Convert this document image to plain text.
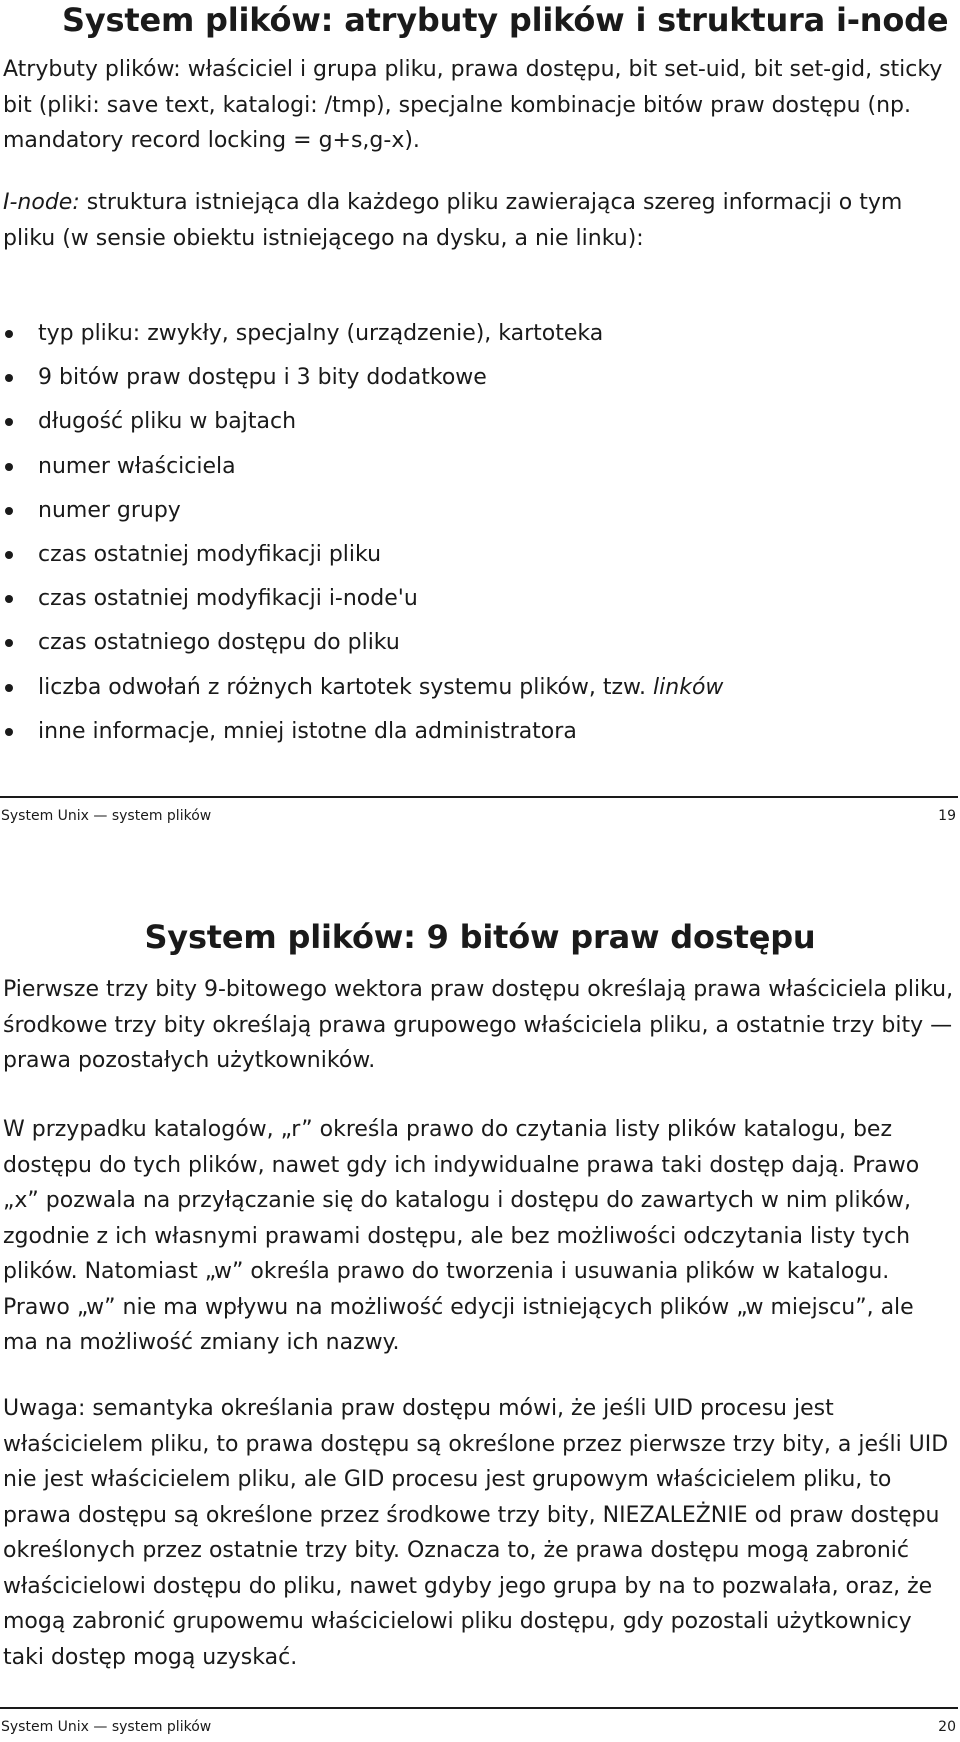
System plików: atrybuty plików i struktura i-node

Atrybuty plików: właściciel i grupa pliku, prawa dostępu, bit set-uid, bit set-gid, sticky bit (pliki: save text, katalogi: /tmp), specjalne kombinacje bitów praw dostępu (np. mandatory record locking = g+s,g-x).

I-node: struktura istniejąca dla każdego pliku zawierająca szereg informacji o tym pliku (w sensie obiektu istniejącego na dysku, a nie linku):

typ pliku: zwykły, specjalny (urządzenie), kartoteka
9 bitów praw dostępu i 3 bity dodatkowe
długość pliku w bajtach
numer właściciela
numer grupy
czas ostatniej modyfikacji pliku
czas ostatniej modyfikacji i-node'u
czas ostatniego dostępu do pliku
liczba odwołań z różnych kartotek systemu plików, tzw. linków
inne informacje, mniej istotne dla administratora
System Unix — system plików	19
System plików: 9 bitów praw dostępu

Pierwsze trzy bity 9-bitowego wektora praw dostępu określają prawa właściciela pliku, środkowe trzy bity określają prawa grupowego właściciela pliku, a ostatnie trzy bity — prawa pozostałych użytkowników.

W przypadku katalogów, „r” określa prawo do czytania listy plików katalogu, bez dostępu do tych plików, nawet gdy ich indywidualne prawa taki dostęp dają. Prawo „x” pozwala na przyłączanie się do katalogu i dostępu do zawartych w nim plików, zgodnie z ich własnymi prawami dostępu, ale bez możliwości odczytania listy tych plików. Natomiast „w” określa prawo do tworzenia i usuwania plików w katalogu. Prawo „w” nie ma wpływu na możliwość edycji istniejących plików „w miejscu”, ale ma na możliwość zmiany ich nazwy.

Uwaga: semantyka określania praw dostępu mówi, że jeśli UID procesu jest właścicielem pliku, to prawa dostępu są określone przez pierwsze trzy bity, a jeśli UID nie jest właścicielem pliku, ale GID procesu jest grupowym właścicielem pliku, to prawa dostępu są określone przez środkowe trzy bity, NIEZALEŻNIE od praw dostępu określonych przez ostatnie trzy bity. Oznacza to, że prawa dostępu mogą zabronić właścicielowi dostępu do pliku, nawet gdyby jego grupa by na to pozwalała, oraz, że mogą zabronić grupowemu właścicielowi pliku dostępu, gdy pozostali użytkownicy taki dostęp mogą uzyskać.

System Unix — system plików	20
